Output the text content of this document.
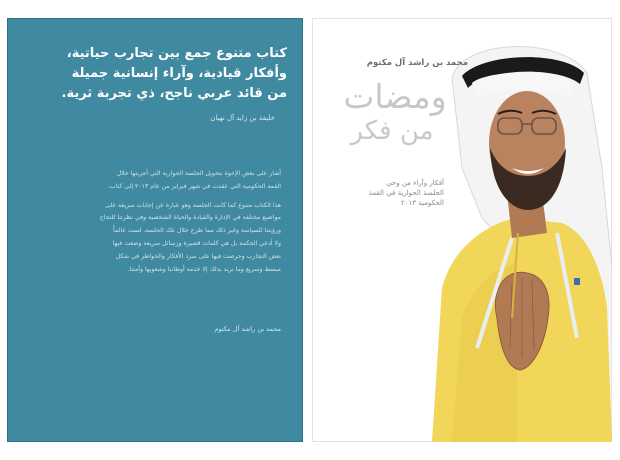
كتاب متنوع جمع بين تجارب حياتية،
وأفكار قيادية، وآراء إنسانية جميلة
من قائد عربي ناجح، ذي تجربة ثرية.
خليفة بن زايد آل نهيان
أشار على بعض الإخوة بتحويل الجلسة الحوارية التي أجريتها خلال
القمة الحكومية التي عقدت في شهر فبراير من عام ٢٠١٣ إلى كتاب.
هذا الكتاب متنوع كما كانت الجلسة وهو عبارة عن إجابات سريعة على
مواضيع مختلفة في الإدارة والقيادة والحياة الشخصية وفي نظرتنا للنجاح
ورؤيتنا للسياسة وغير ذلك مما طرح خلال تلك الجلسة. لست عالماً
ولا أدعي الحكمة بل هي كلمات قصيرة ورسائل سريعة وضعت فيها
بعض التجارب وحرصت فيها على سرد الأفكار والخواطر في شكل
مبسط وسريع وما نريد بذلك إلا خدمة أوطاننا وشعوبها وأمتنا.
محمد بن راشد آل مكتوم
محمد بن راشد آل مكتوم
ومضات
من فكر
أفكار وآراء من وحي
الجلسة الحوارية في القمة
الحكومية ٢٠١٣
